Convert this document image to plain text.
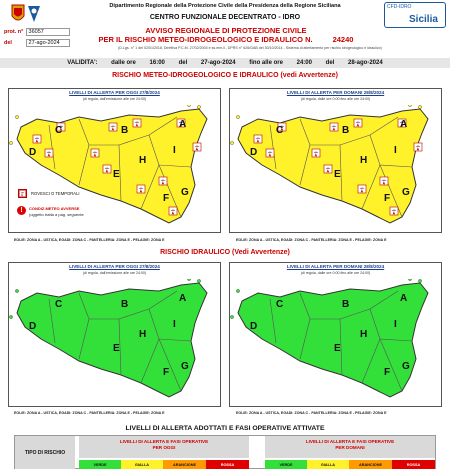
Dipartimento Regionale della Protezione Civile della Presidenza della Regione Siciliana
CENTRO FUNZIONALE DECENTRATO - IDRO
CFD-IDRO
Sicilia
prot. n° 36057
del	27-ago-2024
AVVISO REGIONALE DI PROTEZIONE CIVILE
PER IL RISCHIO METEO-IDROGEOLOGICO E IDRAULICO N.	24240
(D.Lgs. n° 1 del 02/01/2018, Direttiva P.C.M. 27/02/2004 e ss.mm.ii., DPRS n° 626/GAB del 30/10/2014 - Sistema di allertamento per rischio idrogeologico e idraulico)
VALIDITA': dalle ore 16:00 del 27-ago-2024 fino alle ore 24:00 del 28-ago-2024
RISCHIO METEO-IDROGEOLOGICO E IDRAULICO (vedi Avvertenze)
LIVELLI DI ALLERTA PER OGGI 27/8/2024
(di regola, dall'emissione alle ore 24:00)
A
B
C
D
E
F
G
H
I
LIVELLI DI ALLERTA PER DOMANI 28/8/2024
(di regola, dalle ore 0:00 fino alle ore 24:00)
A
B
C
D
E
F
G
H
I
ROVESCI O TEMPORALI
!	CONDIZ.METEO AVVERSE
(oggetto tratta a pag. seguente
EOLIE: ZONA A - USTICA, EGADI: ZONA C - PANTELLERIA: ZONA E - PELAGIE: ZONA E	EOLIE: ZONA A - USTICA, EGADI: ZONA C - PANTELLERIA: ZONA E - PELAGIE: ZONA E
RISCHIO IDRAULICO (Vedi Avvertenze)
LIVELLI DI ALLERTA PER OGGI 27/8/2024
(di regola, dall'emissione alle ore 24:00)
A
B
C
D
E
F
G
H
I
LIVELLI DI ALLERTA PER DOMANI 28/8/2024
(di regola, dalle ore 0:00 fino alle ore 24:00)
A
B
C
D
E
F
G
H
I
EOLIE: ZONA A - USTICA, EGADI: ZONA C - PANTELLERIA: ZONA E - PELAGIE: ZONA E	EOLIE: ZONA A - USTICA, EGADI: ZONA C - PANTELLERIA: ZONA E - PELAGIE: ZONA E
LIVELLI DI ALLERTA ADOTTATI E FASI OPERATIVE ATTIVATE
TIPO DI RISCHIO
LIVELLI DI ALLERTA E FASI OPERATIVE
PER OGGI
VERDE	GIALLA	ARANCIONE	ROSSA
LIVELLI DI ALLERTA E FASI OPERATIVE
PER DOMANI
VERDE	GIALLA	ARANCIONE	ROSSA
